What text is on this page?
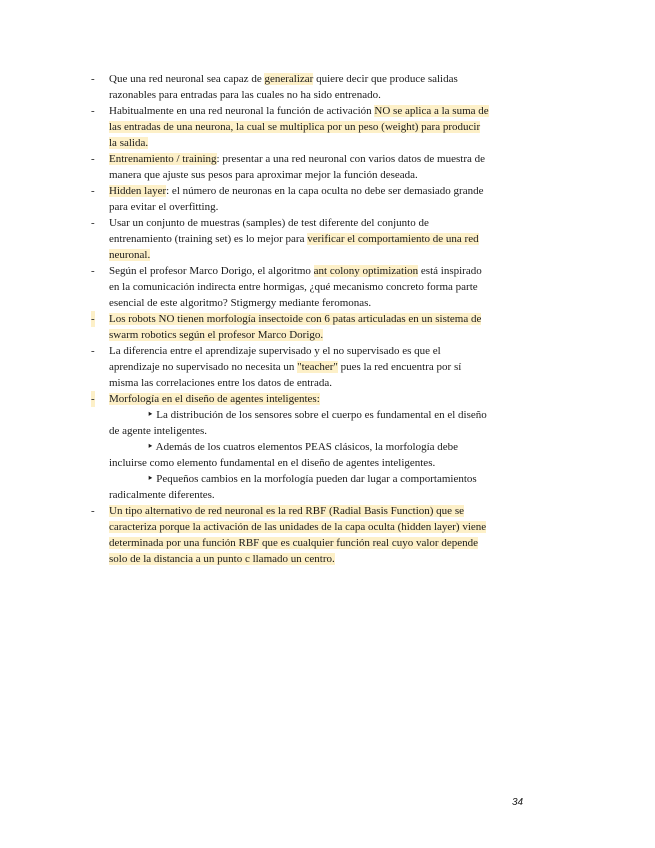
- Que una red neuronal sea capaz de generalizar quiere decir que produce salidas
razonables para entradas para las cuales no ha sido entrenado.
- Habitualmente en una red neuronal la función de activación NO se aplica a la suma de
las entradas de una neurona, la cual se multiplica por un peso (weight) para producir
la salida.
- Entrenamiento / training: presentar a una red neuronal con varios datos de muestra de
manera que ajuste sus pesos para aproximar mejor la función deseada.
- Hidden layer: el número de neuronas en la capa oculta no debe ser demasiado grande
para evitar el overfitting.
- Usar un conjunto de muestras (samples) de test diferente del conjunto de
entrenamiento (training set) es lo mejor para verificar el comportamiento de una red
neuronal.
- Según el profesor Marco Dorigo, el algoritmo ant colony optimization está inspirado
en la comunicación indirecta entre hormigas, ¿qué mecanismo concreto forma parte
esencial de este algoritmo? Stigmergy mediante feromonas.
- Los robots NO tienen morfología insectoide con 6 patas articuladas en un sistema de
swarm robotics según el profesor Marco Dorigo.
- La diferencia entre el aprendizaje supervisado y el no supervisado es que el
aprendizaje no supervisado no necesita un "teacher" pues la red encuentra por sí
misma las correlaciones entre los datos de entrada.
- Morfología en el diseño de agentes inteligentes:
‣ La distribución de los sensores sobre el cuerpo es fundamental en el diseño
de agente inteligentes.
‣ Además de los cuatros elementos PEAS clásicos, la morfología debe
incluirse como elemento fundamental en el diseño de agentes inteligentes.
‣ Pequeños cambios en la morfología pueden dar lugar a comportamientos
radicalmente diferentes.
- Un tipo alternativo de red neuronal es la red RBF (Radial Basis Function) que se
caracteriza porque la activación de las unidades de la capa oculta (hidden layer) viene
determinada por una función RBF que es cualquier función real cuyo valor depende
solo de la distancia a un punto c llamado un centro.
34
